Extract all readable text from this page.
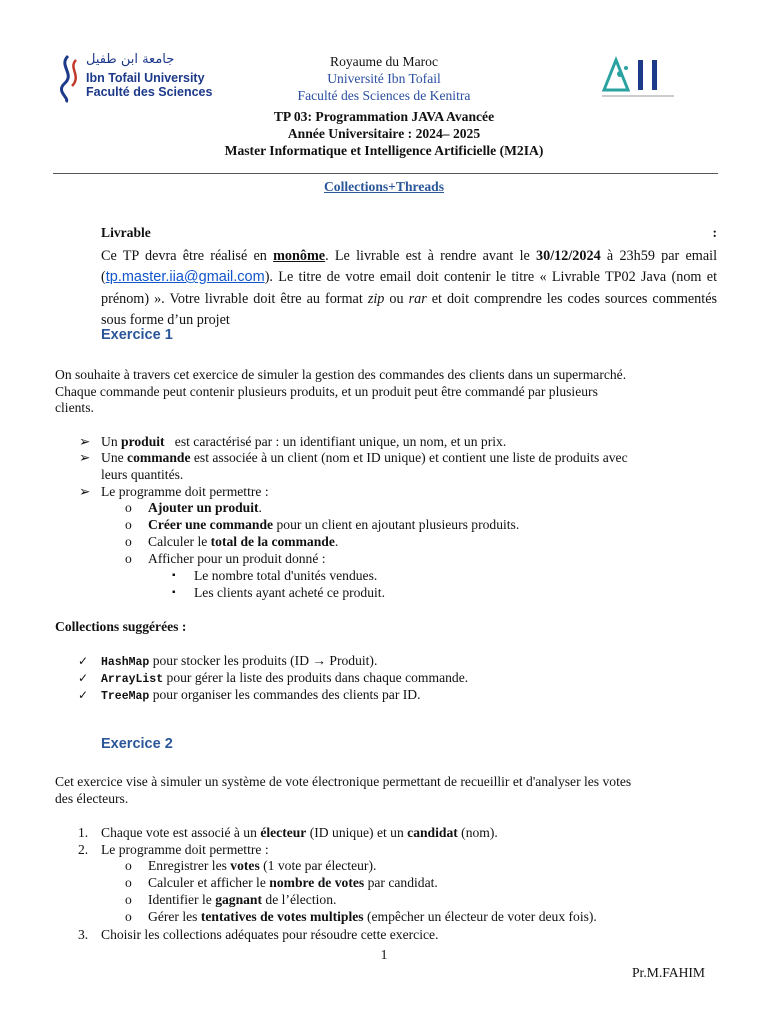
جامعة ابن طفيل
Ibn Tofail University
Faculté des Sciences
AII
Royaume du Maroc
Université Ibn Tofail
Faculté des Sciences de Kenitra
TP 03: Programmation JAVA Avancée
Année Universitaire : 2024– 2025
Master Informatique et Intelligence Artificielle (M2IA)
Collections+Threads
Livrable	:
Ce TP devra être réalisé en monôme. Le livrable est à rendre avant le 30/12/2024 à 23h59 par email (tp.master.iia@gmail.com). Le titre de votre email doit contenir le titre « Livrable TP02 Java (nom et prénom) ». Votre livrable doit être au format zip ou rar et doit comprendre les codes sources commentés sous forme d’un projet
Exercice 1
On souhaite à travers cet exercice de simuler la gestion des commandes des clients dans un supermarché.
Chaque commande peut contenir plusieurs produits, et un produit peut être commandé par plusieurs
clients.
➢ Un produit   est caractérisé par : un identifiant unique, un nom, et un prix.
➢ Une commande est associée à un client (nom et ID unique) et contient une liste de produits avec
leurs quantités.
➢ Le programme doit permettre :
o Ajouter un produit.
o Créer une commande pour un client en ajoutant plusieurs produits.
o Calculer le total de la commande.
o Afficher pour un produit donné :
▪ Le nombre total d'unités vendues.
▪ Les clients ayant acheté ce produit.
Collections suggérées :
✓ HashMap pour stocker les produits (ID → Produit).
✓ ArrayList pour gérer la liste des produits dans chaque commande.
✓ TreeMap pour organiser les commandes des clients par ID.
Exercice 2
Cet exercice vise à simuler un système de vote électronique permettant de recueillir et d'analyser les votes
des électeurs.
1. Chaque vote est associé à un électeur (ID unique) et un candidat (nom).
2. Le programme doit permettre :
o Enregistrer les votes (1 vote par électeur).
o Calculer et afficher le nombre de votes par candidat.
o Identifier le gagnant de l’élection.
o Gérer les tentatives de votes multiples (empêcher un électeur de voter deux fois).
3. Choisir les collections adéquates pour résoudre cette exercice.
1
Pr.M.FAHIM
